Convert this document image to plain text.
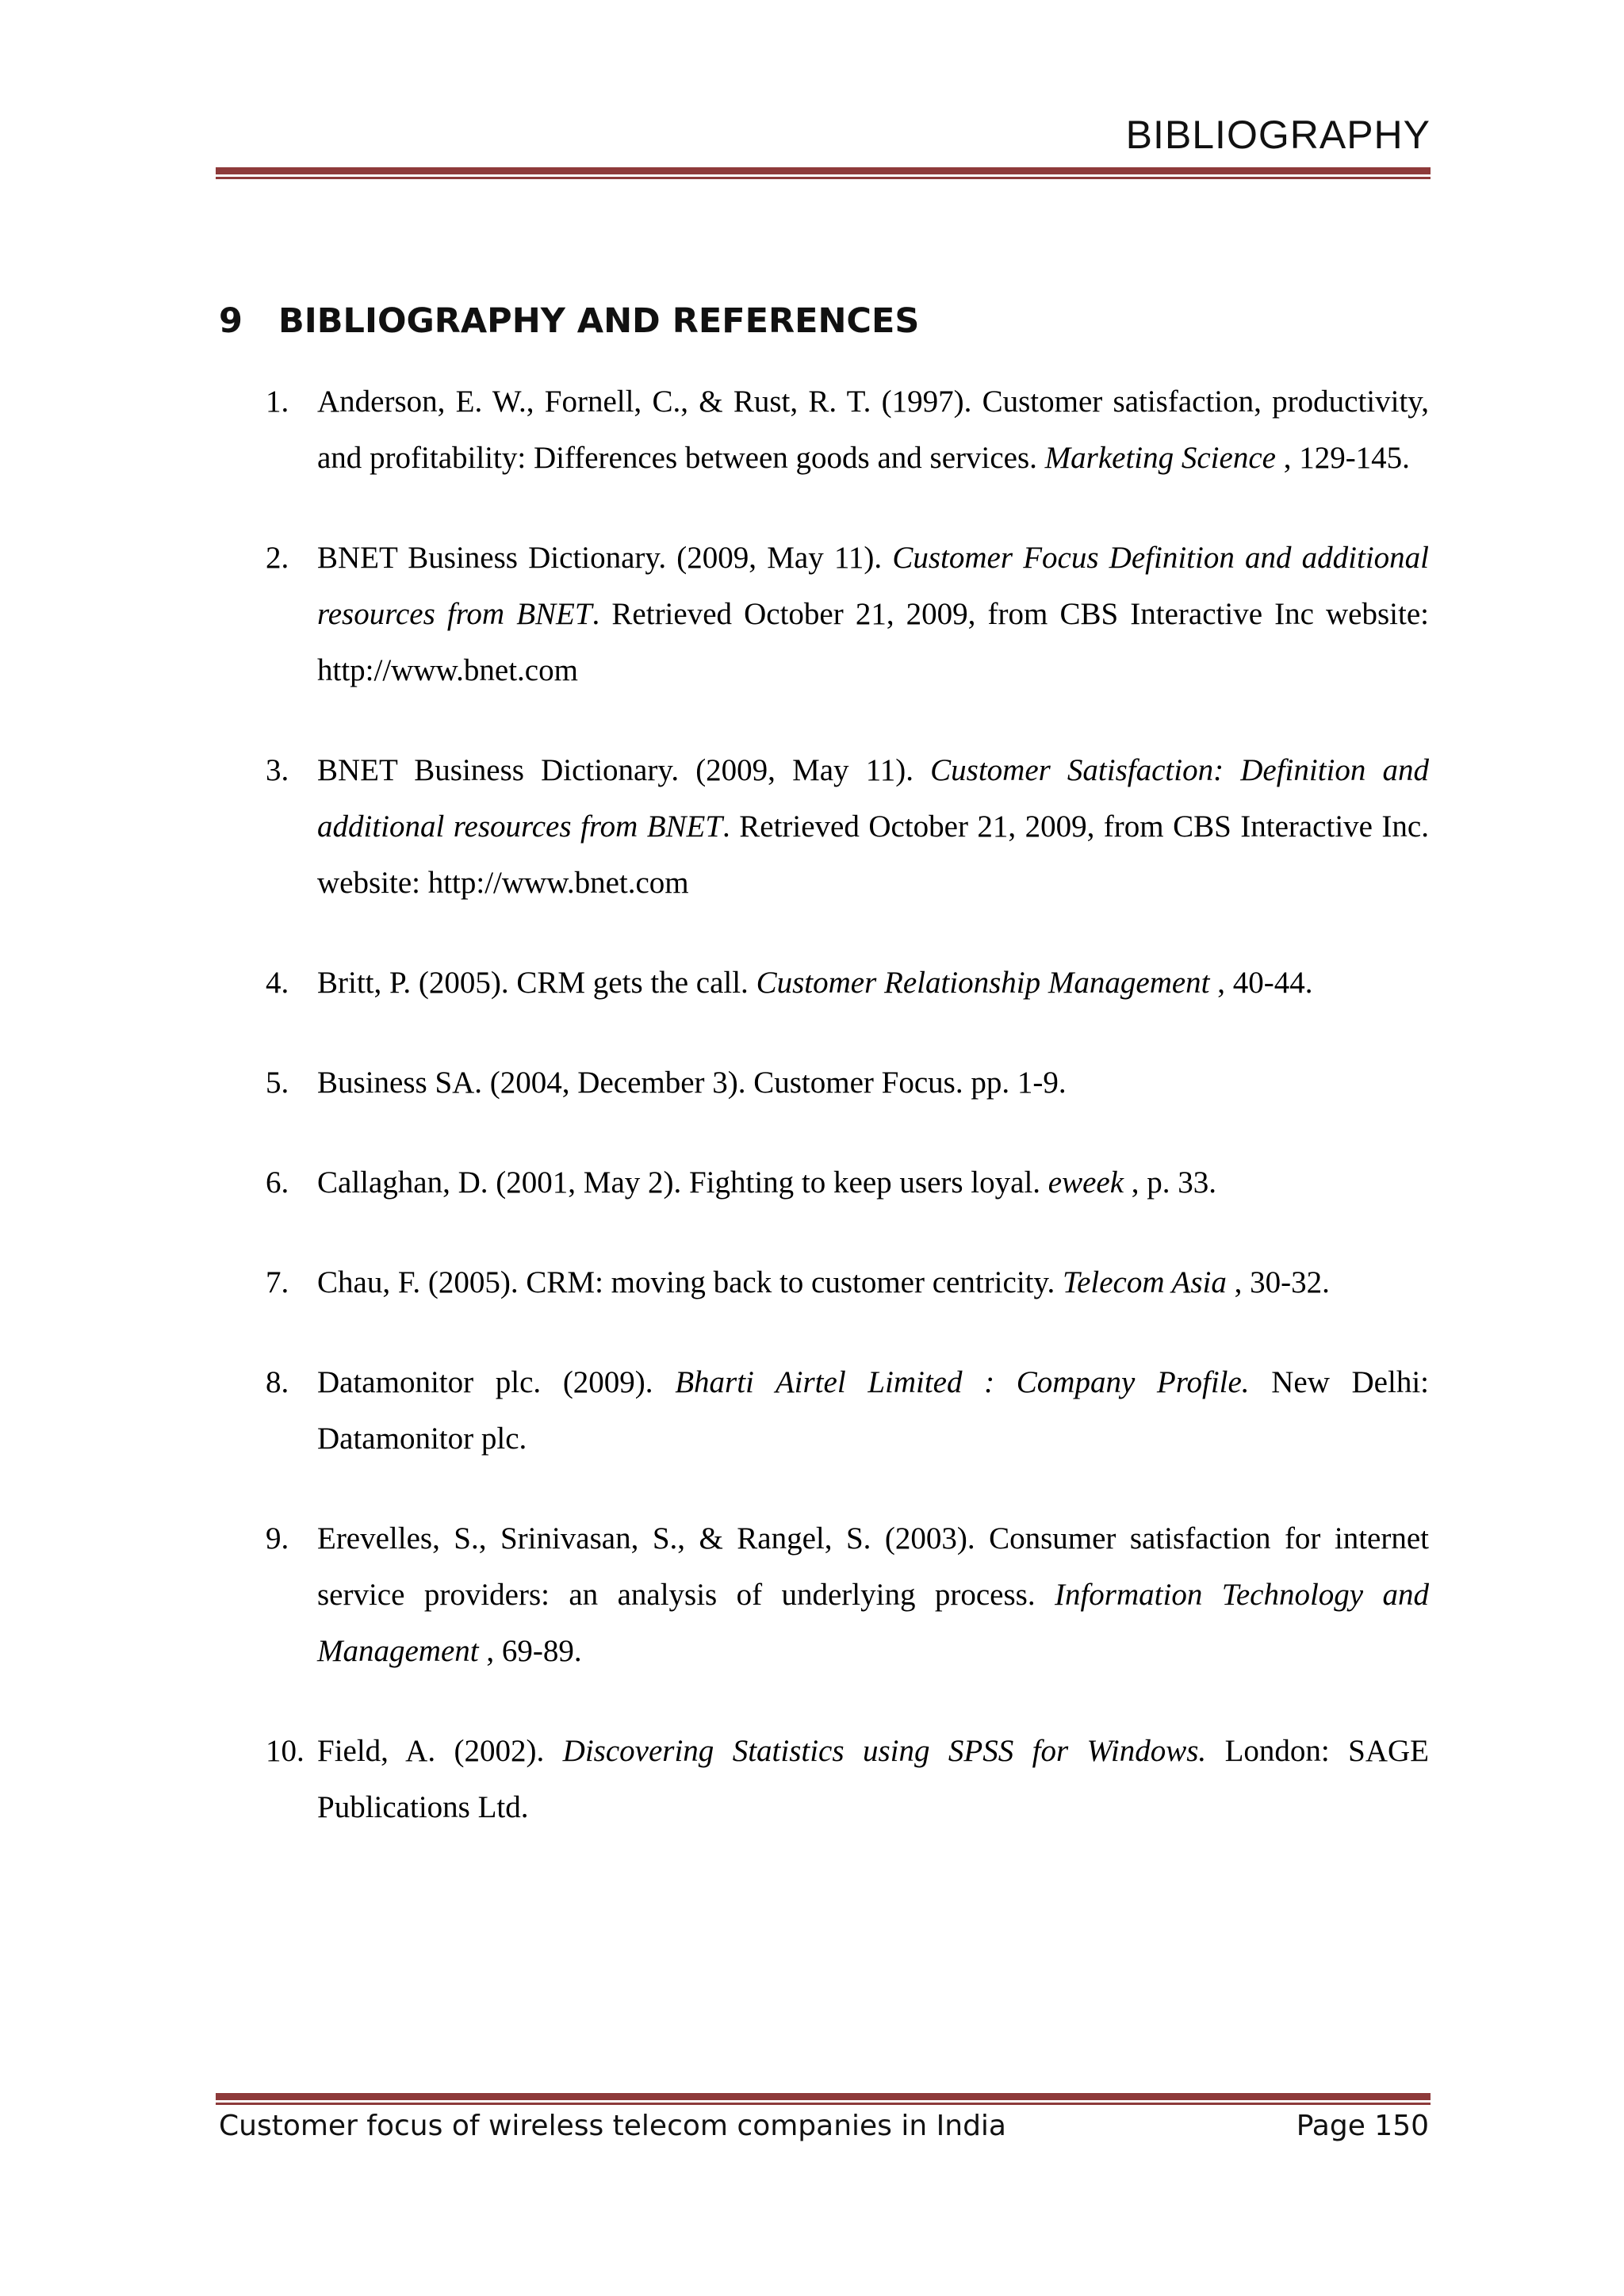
BIBLIOGRAPHY
9 BIBLIOGRAPHY AND REFERENCES
1. Anderson, E. W., Fornell, C., & Rust, R. T. (1997). Customer satisfaction, productivity, and profitability: Differences between goods and services. Marketing Science , 129-145.
2. BNET Business Dictionary. (2009, May 11). Customer Focus Definition and additional resources from BNET. Retrieved October 21, 2009, from CBS Interactive Inc website: http://www.bnet.com
3. BNET Business Dictionary. (2009, May 11). Customer Satisfaction: Definition and additional resources from BNET. Retrieved October 21, 2009, from CBS Interactive Inc. website: http://www.bnet.com
4. Britt, P. (2005). CRM gets the call. Customer Relationship Management , 40-44.
5. Business SA. (2004, December 3). Customer Focus. pp. 1-9.
6. Callaghan, D. (2001, May 2). Fighting to keep users loyal. eweek , p. 33.
7. Chau, F. (2005). CRM: moving back to customer centricity. Telecom Asia , 30-32.
8. Datamonitor plc. (2009). Bharti Airtel Limited : Company Profile. New Delhi: Datamonitor plc.
9. Erevelles, S., Srinivasan, S., & Rangel, S. (2003). Consumer satisfaction for internet service providers: an analysis of underlying process. Information Technology and Management , 69-89.
10. Field, A. (2002). Discovering Statistics using SPSS for Windows. London: SAGE Publications Ltd.
Customer focus of wireless telecom companies in India	Page 150
